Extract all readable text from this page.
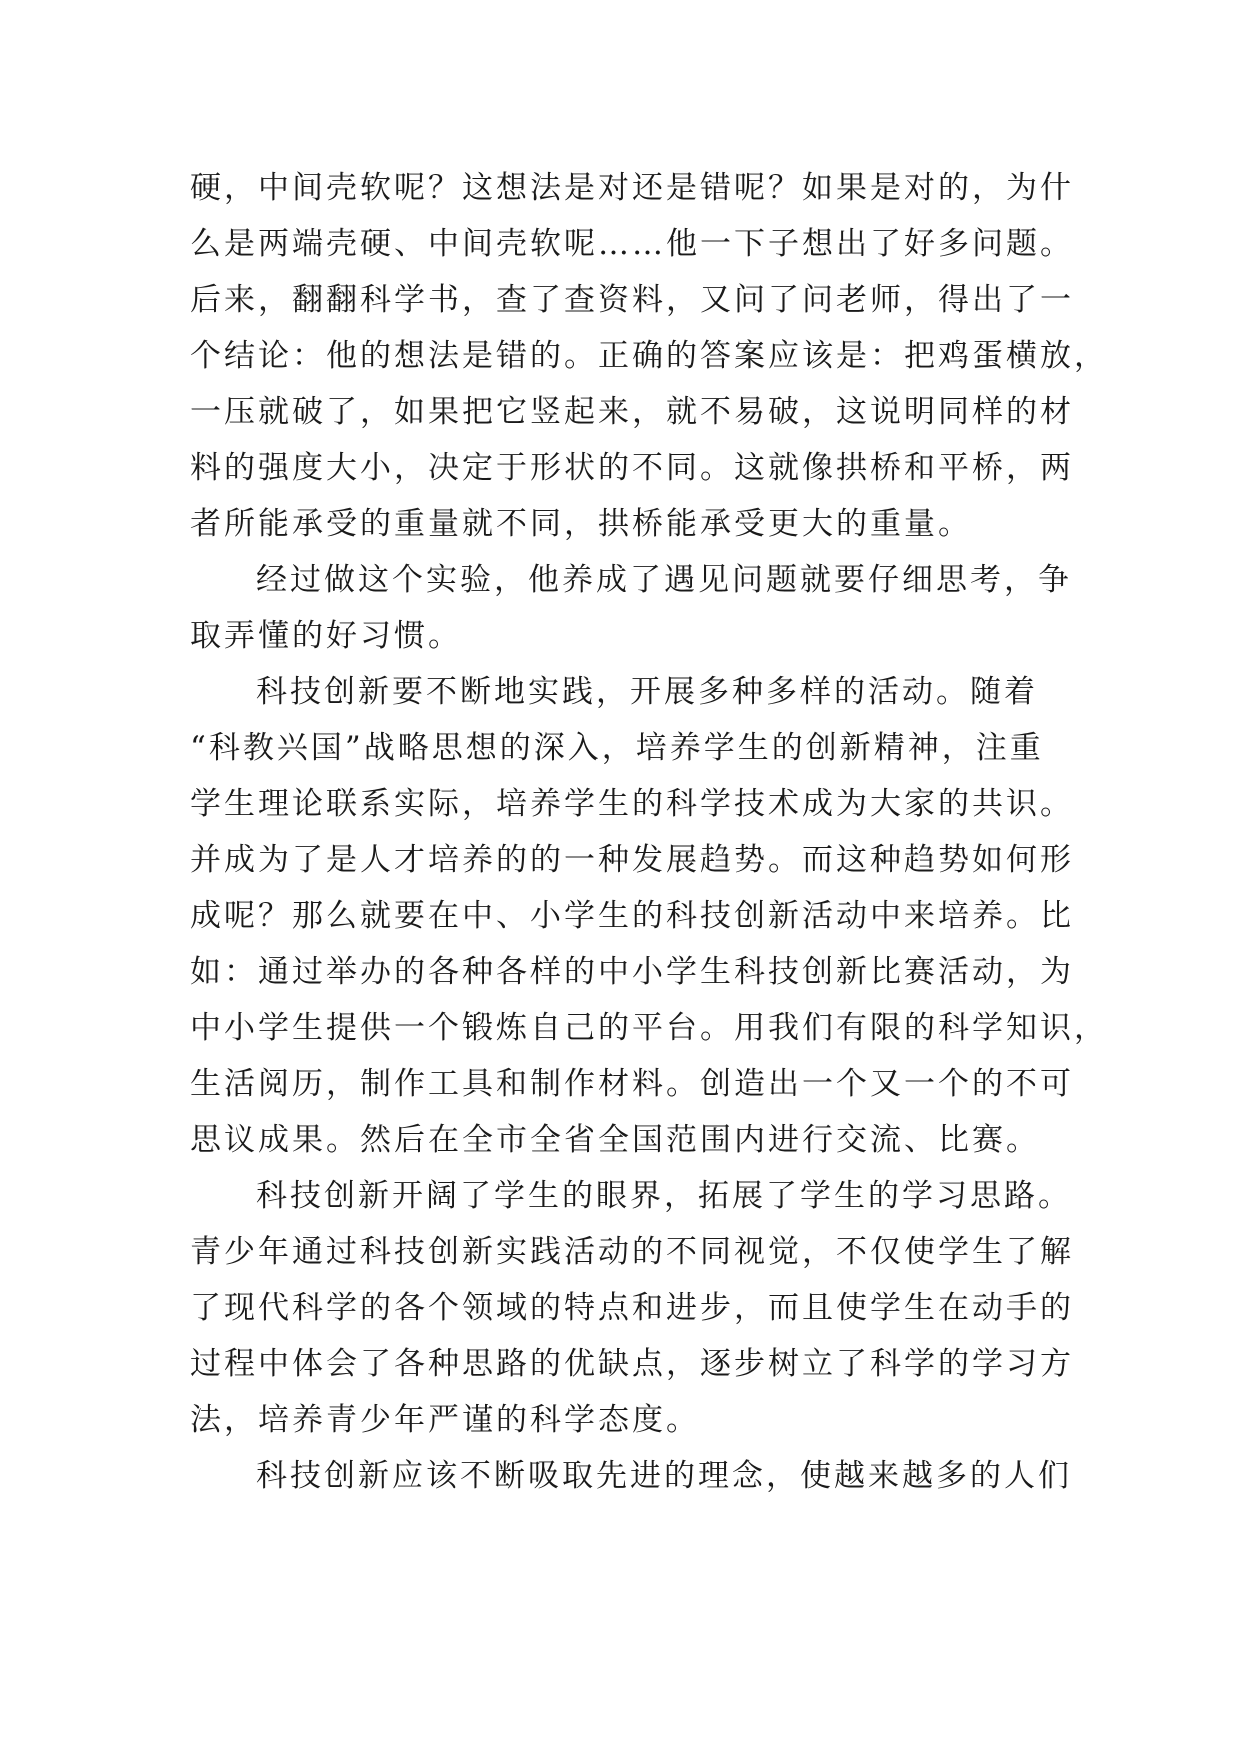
硬，中间壳软呢？这想法是对还是错呢？如果是对的，为什
么是两端壳硬、中间壳软呢……他一下子想出了好多问题。
后来，翻翻科学书，查了查资料，又问了问老师，得出了一
个结论：他的想法是错的。正确的答案应该是：把鸡蛋横放，
一压就破了，如果把它竖起来，就不易破，这说明同样的材
料的强度大小，决定于形状的不同。这就像拱桥和平桥，两
者所能承受的重量就不同，拱桥能承受更大的重量。
经过做这个实验，他养成了遇见问题就要仔细思考，争
取弄懂的好习惯。
科技创新要不断地实践，开展多种多样的活动。随着
“科教兴国”战略思想的深入，培养学生的创新精神，注重
学生理论联系实际，培养学生的科学技术成为大家的共识。
并成为了是人才培养的的一种发展趋势。而这种趋势如何形
成呢？那么就要在中、小学生的科技创新活动中来培养。比
如：通过举办的各种各样的中小学生科技创新比赛活动，为
中小学生提供一个锻炼自己的平台。用我们有限的科学知识，
生活阅历，制作工具和制作材料。创造出一个又一个的不可
思议成果。然后在全市全省全国范围内进行交流、比赛。
科技创新开阔了学生的眼界，拓展了学生的学习思路。
青少年通过科技创新实践活动的不同视觉，不仅使学生了解
了现代科学的各个领域的特点和进步，而且使学生在动手的
过程中体会了各种思路的优缺点，逐步树立了科学的学习方
法，培养青少年严谨的科学态度。
科技创新应该不断吸取先进的理念，使越来越多的人们
